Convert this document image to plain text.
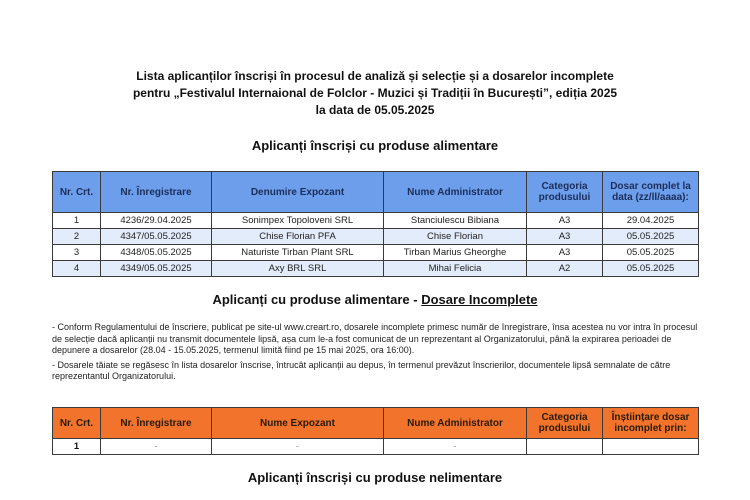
Lista aplicanților înscriși în procesul de analiză și selecție și a dosarelor incomplete
pentru „Festivalul Internaional de Folclor - Muzici și Tradiții în București”, ediția 2025
la data de 05.05.2025
Aplicanți înscriși cu produse alimentare
Nr. Crt.	Nr. Înregistrare	Denumire Expozant	Nume Administrator	Categoria produsului	Dosar complet la data (zz/ll/aaaa):
1	4236/29.04.2025	Sonimpex Topoloveni SRL	Stanciulescu Bibiana	A3	29.04.2025
2	4347/05.05.2025	Chise Florian PFA	Chise Florian	A3	05.05.2025
3	4348/05.05.2025	Naturiste Tirban Plant SRL	Tirban Marius Gheorghe	A3	05.05.2025
4	4349/05.05.2025	Axy BRL SRL	Mihai Felicia	A2	05.05.2025
Aplicanți cu produse alimentare - Dosare Incomplete

- Conform Regulamentului de înscriere, publicat pe site-ul www.creart.ro, dosarele incomplete primesc număr de înregistrare, însa acestea nu vor intra în procesul de selecție dacă aplicanții nu transmit documentele lipsă, așa cum le-a fost comunicat de un reprezentant al Organizatorului, până la expirarea perioadei de depunere a dosarelor (28.04 - 15.05.2025, termenul limită fiind pe 15 mai 2025, ora 16:00).

- Dosarele tăiate se regăsesc în lista dosarelor înscrise, întrucât aplicanții au depus, în termenul prevăzut înscrierilor, documentele lipsă semnalate de către reprezentantul Organizatorului.

Nr. Crt.	Nr. Înregistrare	Nume Expozant	Nume Administrator	Categoria produsului	Înștiințare dosar incomplet prin:
1	-	-	-		
Aplicanți înscriși cu produse nelimentare
